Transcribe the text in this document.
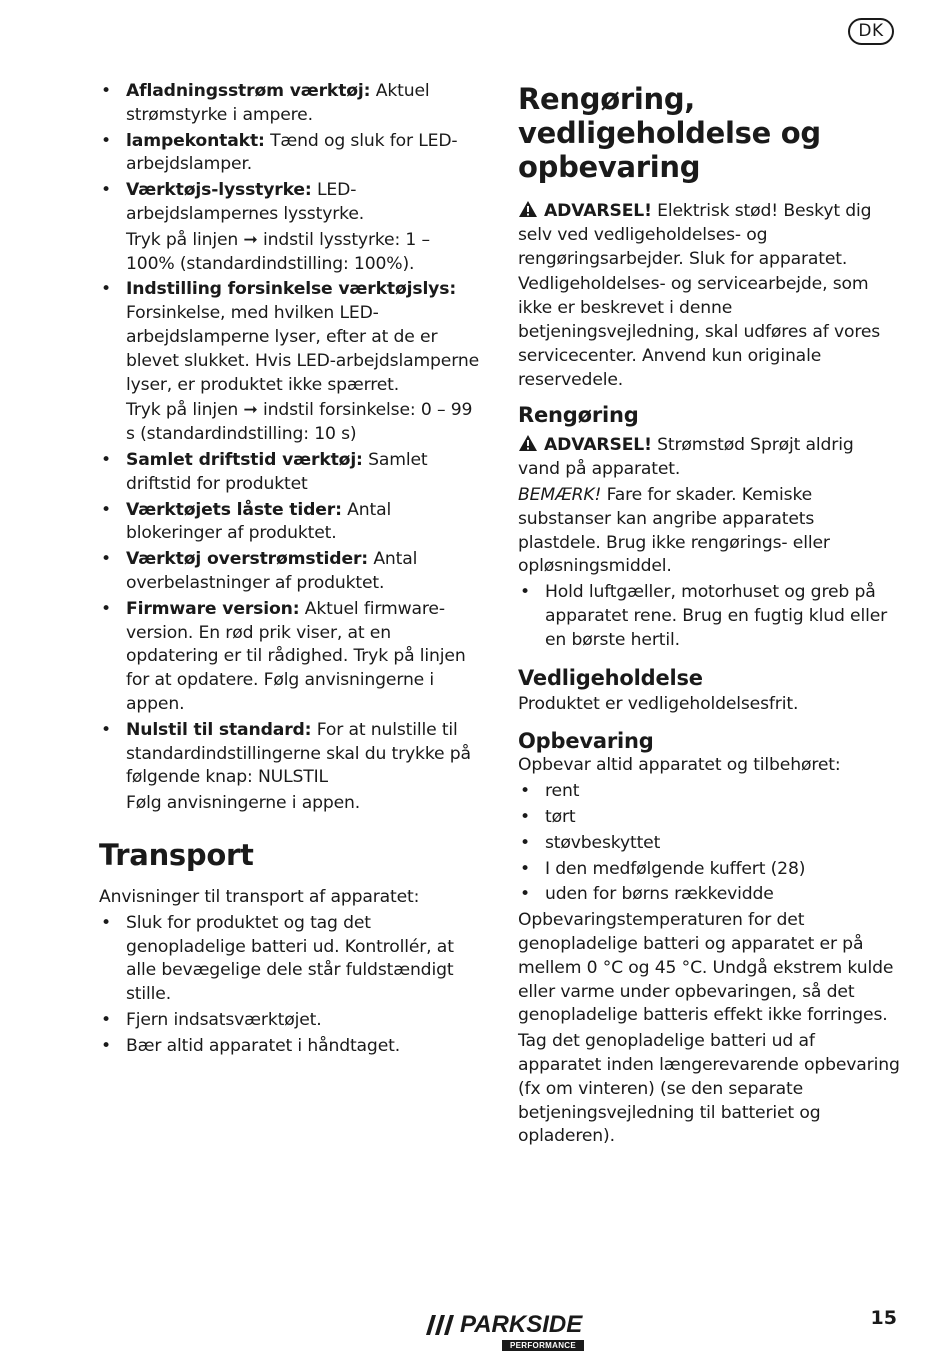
DK
• Afladningsstrøm værktøj: Aktuel strømstyrke i ampere.
• lampekontakt: Tænd og sluk for LED-arbejdslamper.
• Værktøjs-lysstyrke: LED-arbejdslampernes lysstyrke.
Tryk på linjen ➞ indstil lysstyrke: 1 – 100% (standardindstilling: 100%).
• Indstilling forsinkelse værktøjslys: Forsinkelse, med hvilken LED-arbejdslamperne lyser, efter at de er blevet slukket. Hvis LED-arbejdslamperne lyser, er produktet ikke spærret.
Tryk på linjen ➞ indstil forsinkelse: 0 – 99 s (standardindstilling: 10 s)
• Samlet driftstid værktøj: Samlet driftstid for produktet
• Værktøjets låste tider: Antal blokeringer af produktet.
• Værktøj overstrømstider: Antal overbelastninger af produktet.
• Firmware version: Aktuel firmware-version. En rød prik viser, at en opdatering er til rådighed. Tryk på linjen for at opdatere. Følg anvisningerne i appen.
• Nulstil til standard: For at nulstille til standardindstillingerne skal du trykke på følgende knap: NULSTIL
Følg anvisningerne i appen.
Transport

Anvisninger til transport af apparatet:

• Sluk for produktet og tag det genopladelige batteri ud. Kontrollér, at alle bevægelige dele står fuldstændigt stille.
• Fjern indsatsværktøjet.
• Bær altid apparatet i håndtaget.
Rengøring, vedligeholdelse og opbevaring

ADVARSEL! Elektrisk stød! Beskyt dig selv ved vedligeholdelses- og rengøringsarbejder. Sluk for apparatet.

Vedligeholdelses- og servicearbejde, som ikke er beskrevet i denne betjeningsvejledning, skal udføres af vores servicecenter. Anvend kun originale reservedele.

Rengøring

ADVARSEL! Strømstød Sprøjt aldrig vand på apparatet.

BEMÆRK! Fare for skader. Kemiske substanser kan angribe apparatets plastdele. Brug ikke rengørings- eller opløsningsmiddel.

• Hold luftgæller, motorhuset og greb på apparatet rene. Brug en fugtig klud eller en børste hertil.
Vedligeholdelse

Produktet er vedligeholdelsesfrit.

Opbevaring

Opbevar altid apparatet og tilbehøret:

• rent
• tørt
• støvbeskyttet
• I den medfølgende kuffert (28)
• uden for børns rækkevidde

Opbevaringstemperaturen for det genopladelige batteri og apparatet er på mellem 0 °C og 45 °C. Undgå ekstrem kulde eller varme under opbevaringen, så det genopladelige batteris effekt ikke forringes.

Tag det genopladelige batteri ud af apparatet inden længerevarende opbevaring (fx om vinteren) (se den separate betjeningsvejledning til batteriet og opladeren).

PARKSIDE
PERFORMANCE
15
